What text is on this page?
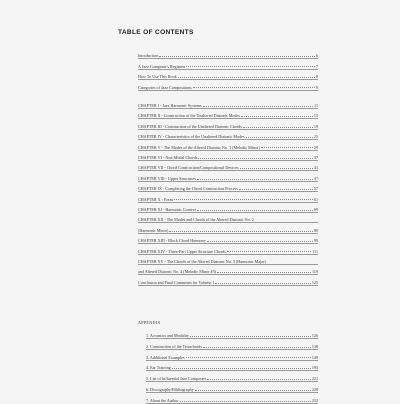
TABLE OF CONTENTS
Introduction	6
A Jazz Composer's Regimen	7
How To Use This Book	8
Categories of Jazz Compositions	9
CHAPTER I - Jazz Harmonic Systems	11
CHAPTER II - Construction of the Unaltered Diatonic Modes	15
CHAPTER III - Construction of the Unaltered Diatonic Chords	19
CHAPTER IV - Characteristics of the Unaltered Diatonic Modes	25
CHAPTER V - The Modes of the Altered Diatonic No. 1 (Melodic Minor)	29
CHAPTER VI - Non-Modal Chords	37
CHAPTER VII - Chord Construction/Compositional Devices	41
CHAPTER VIII - Upper Structures	47
CHAPTER IX - Completing the Chord Construction Process	57
CHAPTER X - Form	61
CHAPTER XI - Harmonic Context	69
CHAPTER XII - The Modes and Chords of the Altered Diatonic No. 2
(Harmonic Minor)	89
CHAPTER XIII - Block Chord Harmony	99
CHAPTER XIV - Three-Part Upper Structure Chords	111
CHAPTER XV - The Chords of the Altered Diatonic No. 3 (Harmonic Major)
and Altered Diatonic No. 4 (Melodic Minor #5)	119
Conclusion and Final Comments for Volume 1	125
APPENDIX
1. Acoustics and Modality	126
2. Construction of the Tetrachords	138
3. Additional Examples	149
4. Ear Training	193
5. List of Influential Jazz Composers	221
6. Discography/Bibliography	228
7. About the Author	232
